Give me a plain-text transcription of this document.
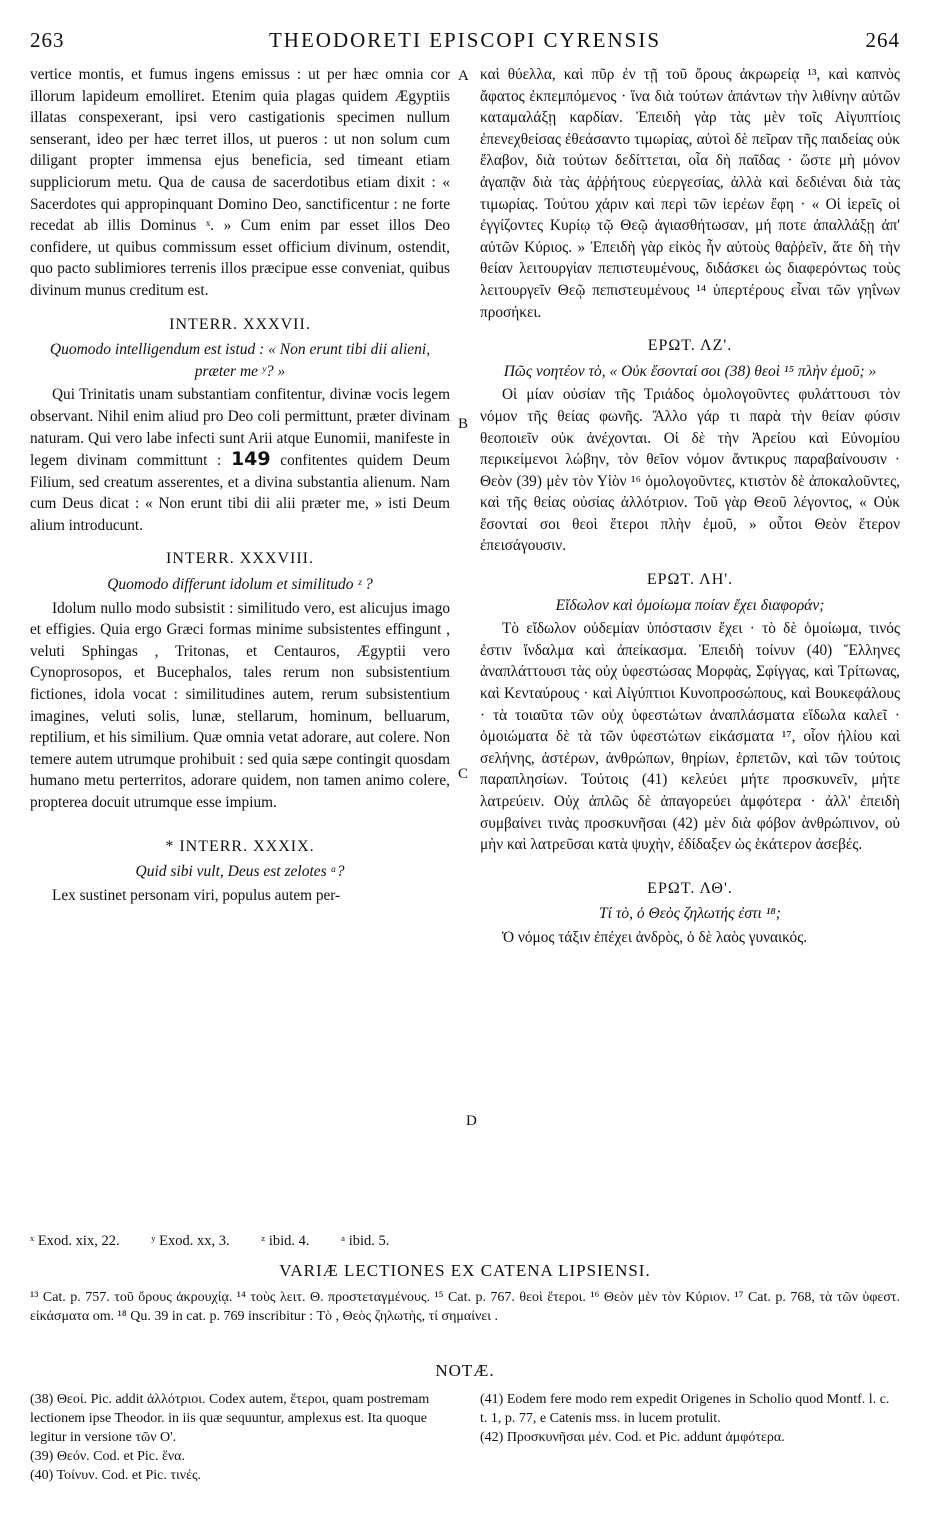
263	THEODORETI EPISCOPI CYRENSIS	264
A
B
C
D

vertice montis, et fumus ingens emissus : ut per hæc omnia cor illorum lapideum emolliret. Etenim quia plagas quidem Ægyptiis illatas conspexerant, ipsi vero castigationis specimen nullum senserant, ideo per hæc terret illos, ut pueros : ut non solum cum diligant propter immensa ejus beneficia, sed timeant etiam suppliciorum metu. Qua de causa de sacerdotibus etiam dixit : « Sacerdotes qui appropinquant Domino Deo, sanctificentur : ne forte recedat ab illis Dominus ˣ. » Cum enim par esset illos Deo confidere, ut quibus commissum esset officium divinum, ostendit, quo pacto sublimiores terrenis illos præcipue esse conveniat, quibus divinum munus creditum est.

INTERR. XXXVII.
Quomodo intelligendum est istud : « Non erunt tibi dii alieni, præter me ʸ? »

Qui Trinitatis unam substantiam confitentur, divinæ vocis legem observant. Nihil enim aliud pro Deo coli permittunt, præter divinam naturam. Qui vero labe infecti sunt Arii atque Eunomii, manifeste in legem divinam committunt : 149 confitentes quidem Deum Filium, sed creatum asserentes, et a divina substantia alienum. Nam cum Deus dicat : « Non erunt tibi dii alii præter me, » isti Deum alium introducunt.

INTERR. XXXVIII.
Quomodo differunt idolum et similitudo ᶻ ?

Idolum nullo modo subsistit : similitudo vero, est alicujus imago et effigies. Quia ergo Græci formas minime subsistentes effingunt , veluti Sphingas , Tritonas, et Centauros, Ægyptii vero Cynoprosopos, et Bucephalos, tales rerum non subsistentium fictiones, idola vocat : similitudines autem, rerum subsistentium imagines, veluti solis, lunæ, stellarum, hominum, belluarum, reptilium, et his similium. Quæ omnia vetat adorare, aut colere. Non temere autem utrumque prohibuit : sed quia sæpe contingit quosdam humano metu perterritos, adorare quidem, non tamen animo colere, propterea docuit utrumque esse impium.

* INTERR. XXXIX.
Quid sibi vult, Deus est zelotes ᵃ?

Lex sustinet personam viri, populus autem per-

καὶ θύελλα, καὶ πῦρ ἐν τῇ τοῦ ὄρους ἀκρωρείᾳ ¹³, καὶ καπνὸς ἄφατος ἐκπεμπόμενος · ἵνα διὰ τούτων ἁπάντων τὴν λιθίνην αὐτῶν καταμαλάξῃ καρδίαν. Ἐπειδὴ γὰρ τὰς μὲν τοῖς Αἰγυπτίοις ἐπενεχθείσας ἐθεάσαντο τιμωρίας, αὐτοὶ δὲ πεῖραν τῆς παιδείας οὐκ ἔλαβον, διὰ τούτων δεδίττεται, οἷα δὴ παῖδας · ὥστε μὴ μόνον ἀγαπᾷν διὰ τὰς ἀῤῥήτους εὐεργεσίας, ἀλλὰ καὶ δεδιέναι διὰ τὰς τιμωρίας. Τούτου χάριν καὶ περὶ τῶν ἱερέων ἔφη · « Οἱ ἱερεῖς οἱ ἐγγίζοντες Κυρίῳ τῷ Θεῷ ἁγιασθήτωσαν, μή ποτε ἀπαλλάξῃ ἀπ' αὐτῶν Κύριος. » Ἐπειδὴ γὰρ εἰκὸς ἦν αὐτοὺς θαῤῥεῖν, ἅτε δὴ τὴν θείαν λειτουργίαν πεπιστευμένους, διδάσκει ὡς διαφερόντως τοὺς λειτουργεῖν Θεῷ πεπιστευμένους ¹⁴ ὑπερτέρους εἶναι τῶν γηΐνων προσήκει.

ΕΡΩΤ. ΛΖ'.
Πῶς νοητέον τὸ, « Οὐκ ἔσονταί σοι (38) θεοὶ ¹⁵ πλὴν ἐμοῦ; »

Οἱ μίαν οὐσίαν τῆς Τριάδος ὁμολογοῦντες φυλάττουσι τὸν νόμον τῆς θείας φωνῆς. Ἄλλο γάρ τι παρὰ τὴν θείαν φύσιν θεοποιεῖν οὐκ ἀνέχονται. Οἱ δὲ τὴν Ἀρείου καὶ Εὐνομίου περικείμενοι λώβην, τὸν θεῖον νόμον ἄντικρυς παραβαίνουσιν · Θεὸν (39) μὲν τὸν Υἱὸν ¹⁶ ὁμολογοῦντες, κτιστὸν δὲ ἀποκαλοῦντες, καὶ τῆς θείας οὐσίας ἀλλότριον. Τοῦ γὰρ Θεοῦ λέγοντος, « Οὐκ ἔσονταί σοι θεοὶ ἕτεροι πλὴν ἐμοῦ, » οὗτοι Θεὸν ἕτερον ἐπεισάγουσιν.

ΕΡΩΤ. ΛΗ'.
Εἴδωλον καὶ ὁμοίωμα ποίαν ἔχει διαφοράν;

Τὸ εἴδωλον οὐδεμίαν ὑπόστασιν ἔχει · τὸ δὲ ὁμοίωμα, τινός ἐστιν ἴνδαλμα καὶ ἀπείκασμα. Ἐπειδὴ τοίνυν (40) Ἕλληνες ἀναπλάττουσι τὰς οὐχ ὑφεστώσας Μορφὰς, Σφίγγας, καὶ Τρίτωνας, καὶ Κενταύρους · καὶ Αἰγύπτιοι Κυνοπροσώπους, καὶ Βουκεφάλους · τὰ τοιαῦτα τῶν οὐχ ὑφεστώτων ἀναπλάσματα εἴδωλα καλεῖ · ὁμοιώματα δὲ τὰ τῶν ὑφεστώτων εἰκάσματα ¹⁷, οἷον ἡλίου καὶ σελήνης, ἀστέρων, ἀνθρώπων, θηρίων, ἑρπετῶν, καὶ τῶν τούτοις παραπλησίων. Τούτοις (41) κελεύει μήτε προσκυνεῖν, μήτε λατρεύειν. Οὐχ ἁπλῶς δὲ ἀπαγορεύει ἀμφότερα · ἀλλ' ἐπειδὴ συμβαίνει τινὰς προσκυνῆσαι (42) μὲν διὰ φόβον ἀνθρώπινον, οὐ μὴν καὶ λατρεῦσαι κατὰ ψυχὴν, ἐδίδαξεν ὡς ἑκάτερον ἀσεβές.

ΕΡΩΤ. ΛΘ'.
Τί τὸ, ὁ Θεὸς ζηλωτής ἐστι ¹⁸;

Ὁ νόμος τάξιν ἐπέχει ἀνδρὸς, ὁ δὲ λαὸς γυναικός.

ˣ Exod. xix, 22. ʸ Exod. xx, 3. ᶻ ibid. 4. ᵃ ibid. 5.
VARIÆ LECTIONES EX CATENA LIPSIENSI.
¹³ Cat. p. 757. τοῦ ὄρους ἀκρουχίᾳ. ¹⁴ τοὺς λειτ. Θ. προστεταγμένους. ¹⁵ Cat. p. 767. θεοὶ ἕτεροι. ¹⁶ Θεὸν μὲν τὸν Κύριον. ¹⁷ Cat. p. 768, τὰ τῶν ὑφεστ. εἰκάσματα om. ¹⁸ Qu. 39 in cat. p. 769 inscribitur : Τὸ , Θεὸς ζηλωτὴς, τί σημαίνει .
NOTÆ.

(38) Θεοί. Pic. addit ἀλλότριοι. Codex autem, ἕτεροι, quam postremam lectionem ipse Theodor. in iis quæ sequuntur, amplexus est. Ita quoque legitur in versione τῶν Ο'.

(39) Θεόν. Cod. et Pic. ἕνα.

(40) Τοίνυν. Cod. et Pic. τινές.

(41) Eodem fere modo rem expedit Origenes in Scholio quod Montf. l. c. t. 1, p. 77, e Catenis mss. in lucem protulit.

(42) Προσκυνῆσαι μέν. Cod. et Pic. addunt ἀμφότερα.
